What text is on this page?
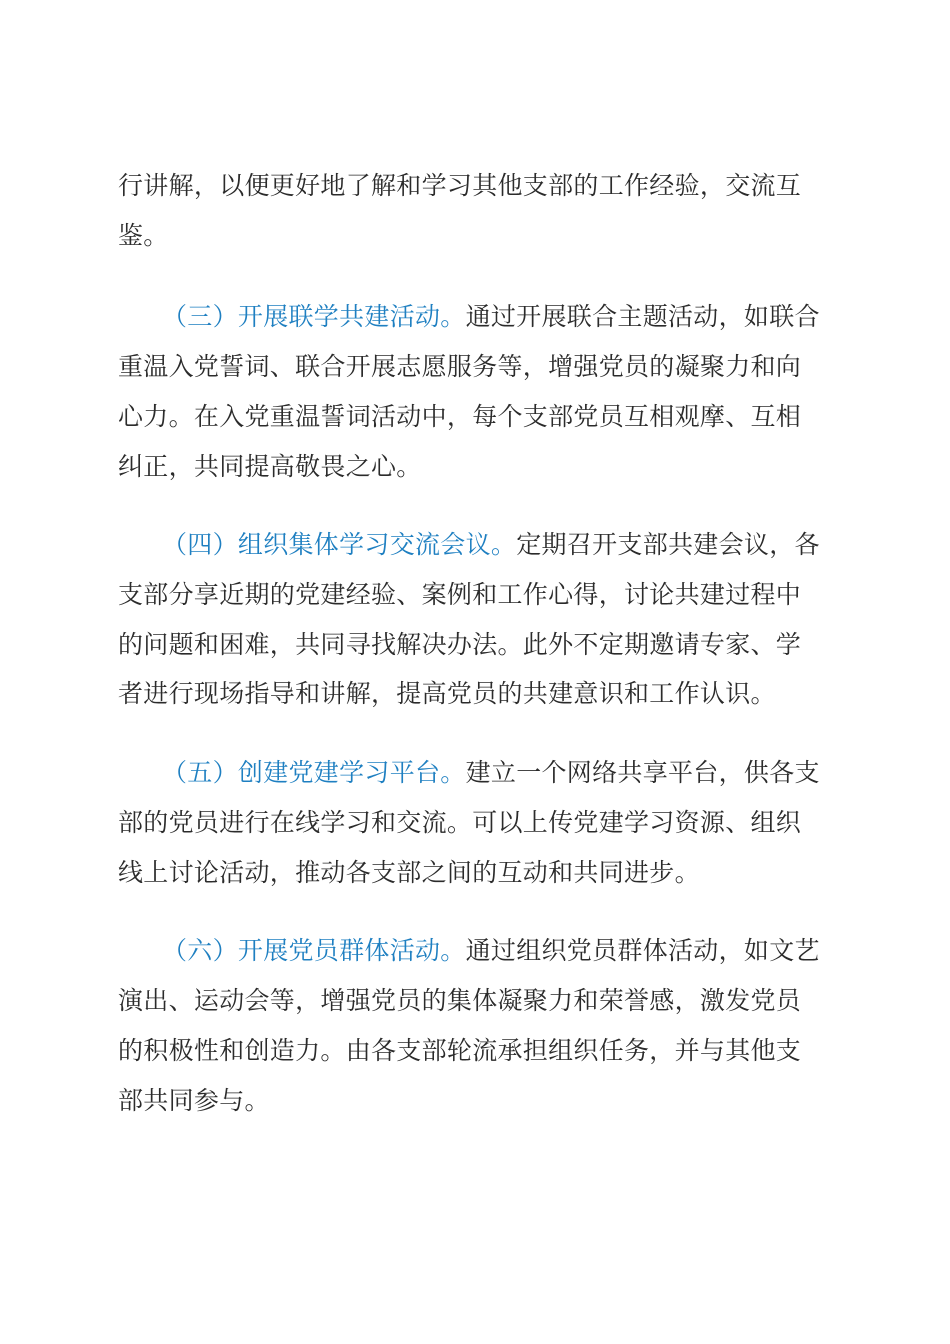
行讲解，以便更好地了解和学习其他支部的工作经验，交流互
鉴。
（三）开展联学共建活动。通过开展联合主题活动，如联合
重温入党誓词、联合开展志愿服务等，增强党员的凝聚力和向
心力。在入党重温誓词活动中，每个支部党员互相观摩、互相
纠正，共同提高敬畏之心。
（四）组织集体学习交流会议。定期召开支部共建会议，各
支部分享近期的党建经验、案例和工作心得，讨论共建过程中
的问题和困难，共同寻找解决办法。此外不定期邀请专家、学
者进行现场指导和讲解，提高党员的共建意识和工作认识。
（五）创建党建学习平台。建立一个网络共享平台，供各支
部的党员进行在线学习和交流。可以上传党建学习资源、组织
线上讨论活动，推动各支部之间的互动和共同进步。
（六）开展党员群体活动。通过组织党员群体活动，如文艺
演出、运动会等，增强党员的集体凝聚力和荣誉感，激发党员
的积极性和创造力。由各支部轮流承担组织任务，并与其他支
部共同参与。
